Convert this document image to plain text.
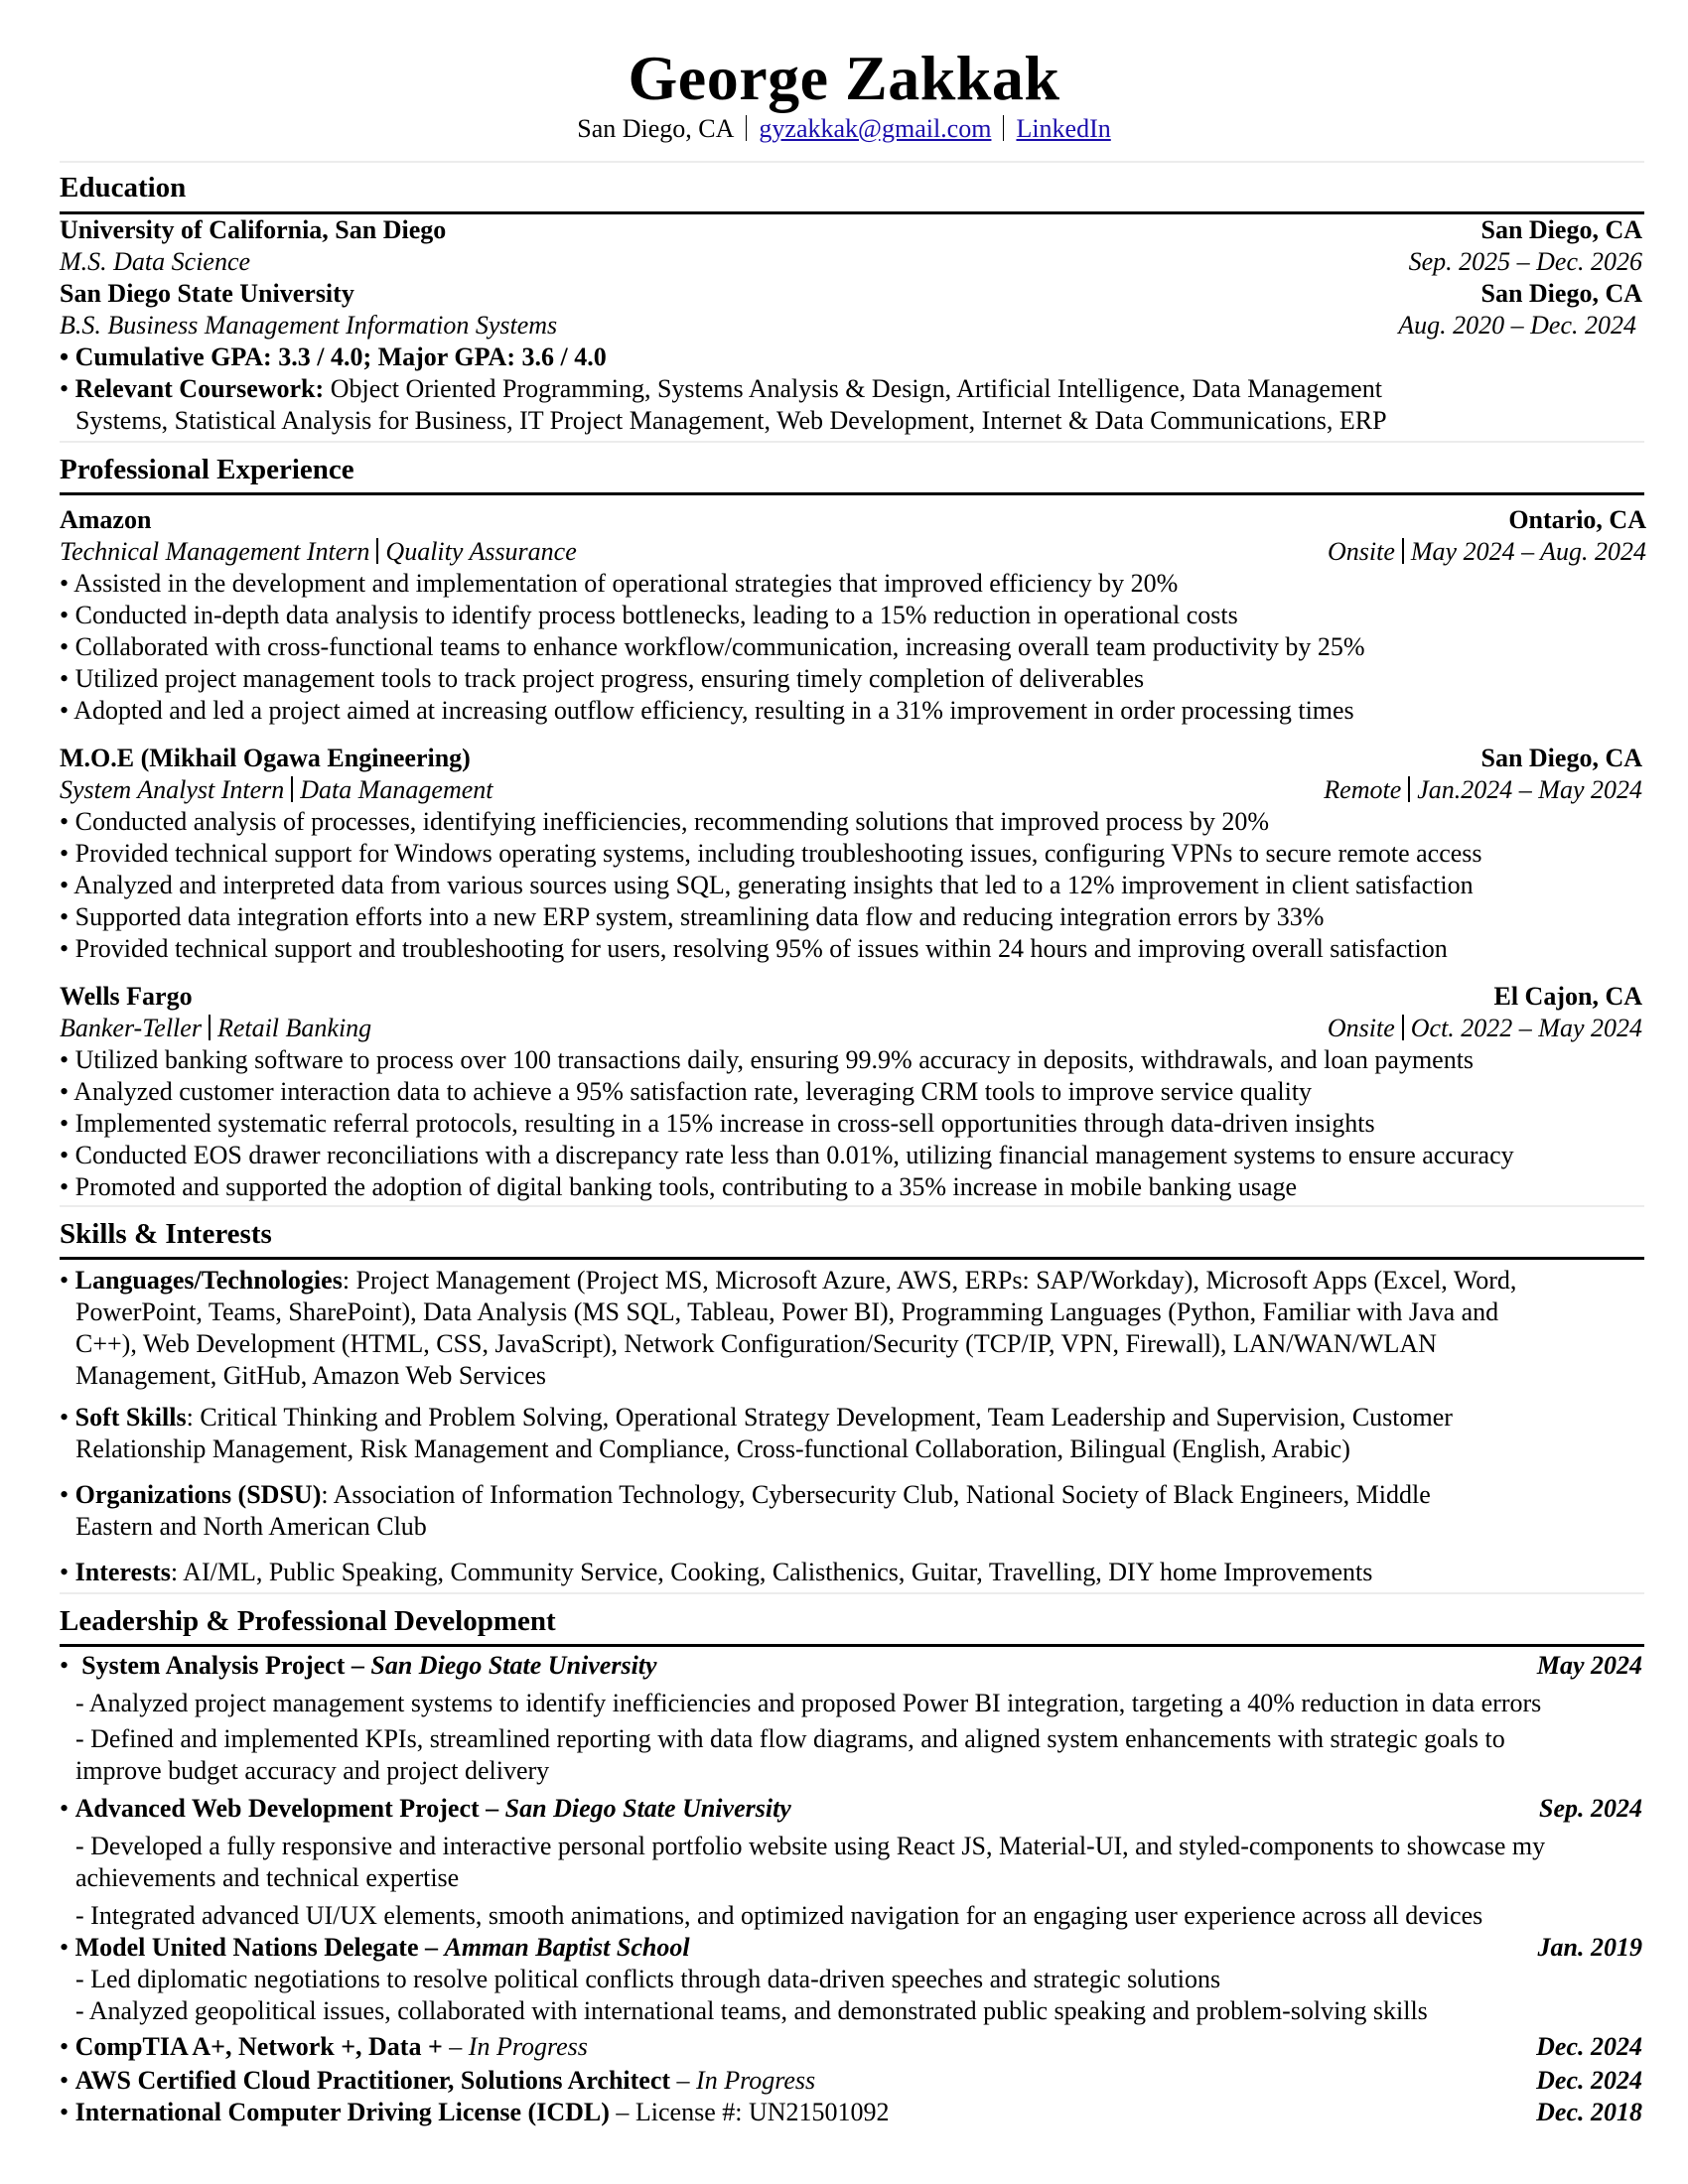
George Zakkak
San Diego, CA gyzakkak@gmail.com LinkedIn
Education
University of California, San Diego	San Diego, CA
M.S. Data Science	Sep. 2025 – Dec. 2026
San Diego State University	San Diego, CA
B.S. Business Management Information Systems	Aug. 2020 – Dec. 2024
• Cumulative GPA: 3.3 / 4.0; Major GPA: 3.6 / 4.0
• Relevant Coursework: Object Oriented Programming, Systems Analysis & Design, Artificial Intelligence, Data Management
Systems, Statistical Analysis for Business, IT Project Management, Web Development, Internet & Data Communications, ERP
Professional Experience
Amazon	Ontario, CA
Technical Management Intern Quality Assurance	Onsite May 2024 – Aug. 2024
• Assisted in the development and implementation of operational strategies that improved efficiency by 20%
• Conducted in-depth data analysis to identify process bottlenecks, leading to a 15% reduction in operational costs
• Collaborated with cross-functional teams to enhance workflow/communication, increasing overall team productivity by 25%
• Utilized project management tools to track project progress, ensuring timely completion of deliverables
• Adopted and led a project aimed at increasing outflow efficiency, resulting in a 31% improvement in order processing times
M.O.E (Mikhail Ogawa Engineering)	San Diego, CA
System Analyst Intern Data Management	Remote Jan.2024 – May 2024
• Conducted analysis of processes, identifying inefficiencies, recommending solutions that improved process by 20%
• Provided technical support for Windows operating systems, including troubleshooting issues, configuring VPNs to secure remote access
• Analyzed and interpreted data from various sources using SQL, generating insights that led to a 12% improvement in client satisfaction
• Supported data integration efforts into a new ERP system, streamlining data flow and reducing integration errors by 33%
• Provided technical support and troubleshooting for users, resolving 95% of issues within 24 hours and improving overall satisfaction
Wells Fargo	El Cajon, CA
Banker-Teller Retail Banking	Onsite Oct. 2022 – May 2024
• Utilized banking software to process over 100 transactions daily, ensuring 99.9% accuracy in deposits, withdrawals, and loan payments
• Analyzed customer interaction data to achieve a 95% satisfaction rate, leveraging CRM tools to improve service quality
• Implemented systematic referral protocols, resulting in a 15% increase in cross-sell opportunities through data-driven insights
• Conducted EOS drawer reconciliations with a discrepancy rate less than 0.01%, utilizing financial management systems to ensure accuracy
• Promoted and supported the adoption of digital banking tools, contributing to a 35% increase in mobile banking usage
Skills & Interests
• Languages/Technologies: Project Management (Project MS, Microsoft Azure, AWS, ERPs: SAP/Workday), Microsoft Apps (Excel, Word,
PowerPoint, Teams, SharePoint), Data Analysis (MS SQL, Tableau, Power BI), Programming Languages (Python, Familiar with Java and
C++), Web Development (HTML, CSS, JavaScript), Network Configuration/Security (TCP/IP, VPN, Firewall), LAN/WAN/WLAN
Management, GitHub, Amazon Web Services
• Soft Skills: Critical Thinking and Problem Solving, Operational Strategy Development, Team Leadership and Supervision, Customer
Relationship Management, Risk Management and Compliance, Cross-functional Collaboration, Bilingual (English, Arabic)
• Organizations (SDSU): Association of Information Technology, Cybersecurity Club, National Society of Black Engineers, Middle
Eastern and North American Club
• Interests: AI/ML, Public Speaking, Community Service, Cooking, Calisthenics, Guitar, Travelling, DIY home Improvements
Leadership & Professional Development
•  System Analysis Project – San Diego State University	May 2024
- Analyzed project management systems to identify inefficiencies and proposed Power BI integration, targeting a 40% reduction in data errors
- Defined and implemented KPIs, streamlined reporting with data flow diagrams, and aligned system enhancements with strategic goals to
improve budget accuracy and project delivery
• Advanced Web Development Project – San Diego State University	Sep. 2024
- Developed a fully responsive and interactive personal portfolio website using React JS, Material-UI, and styled-components to showcase my
achievements and technical expertise
- Integrated advanced UI/UX elements, smooth animations, and optimized navigation for an engaging user experience across all devices
• Model United Nations Delegate – Amman Baptist School	Jan. 2019
- Led diplomatic negotiations to resolve political conflicts through data-driven speeches and strategic solutions
- Analyzed geopolitical issues, collaborated with international teams, and demonstrated public speaking and problem-solving skills
• CompTIA A+, Network +, Data + – In Progress	Dec. 2024
• AWS Certified Cloud Practitioner, Solutions Architect – In Progress	Dec. 2024
• International Computer Driving License (ICDL) – License #: UN21501092	Dec. 2018
